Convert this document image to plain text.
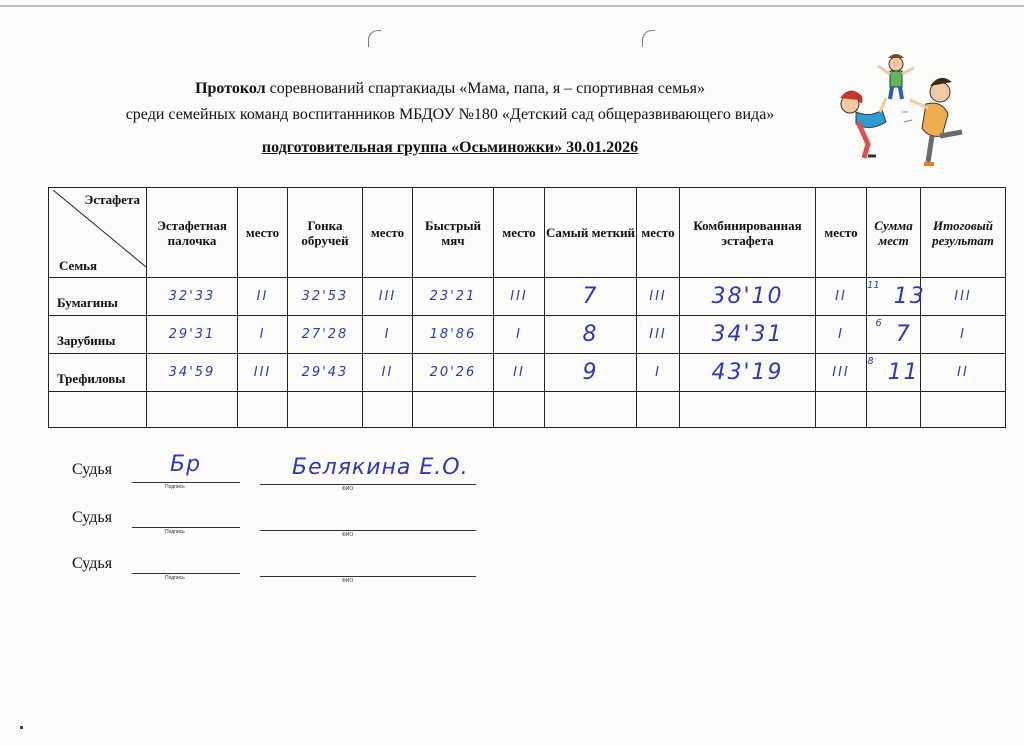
Протокол соревнований спартакиады «Мама, папа, я – спортивная семья»
среди семейных команд воспитанников МБДОУ №180 «Детский сад общеразвивающего вида»
подготовительная группа «Осьминожки» 30.01.2026
Эстафета
Семья	Эстафетная палочка	место	Гонка обручей	место	Быстрый мяч	место	Самый меткий	место	Комбинированная эстафета	место	Сумма мест	Итоговый результат
Бумагины	32'33	II	32'53	III	23'21	III	7	III	38'10	II	$^{11}$ 13	III
Зарубины	29'31	I	27'28	I	18'86	I	8	III	34'31	I	$^6$ 7	I
Трефиловы	34'59	III	29'43	II	20'26	II	9	I	43'19	III	$^8$ 11	II

Судья	Бр
Подпись
Белякина Е.О.
ФИО
Судья
Подпись	ФИО
Судья
Подпись	ФИО
